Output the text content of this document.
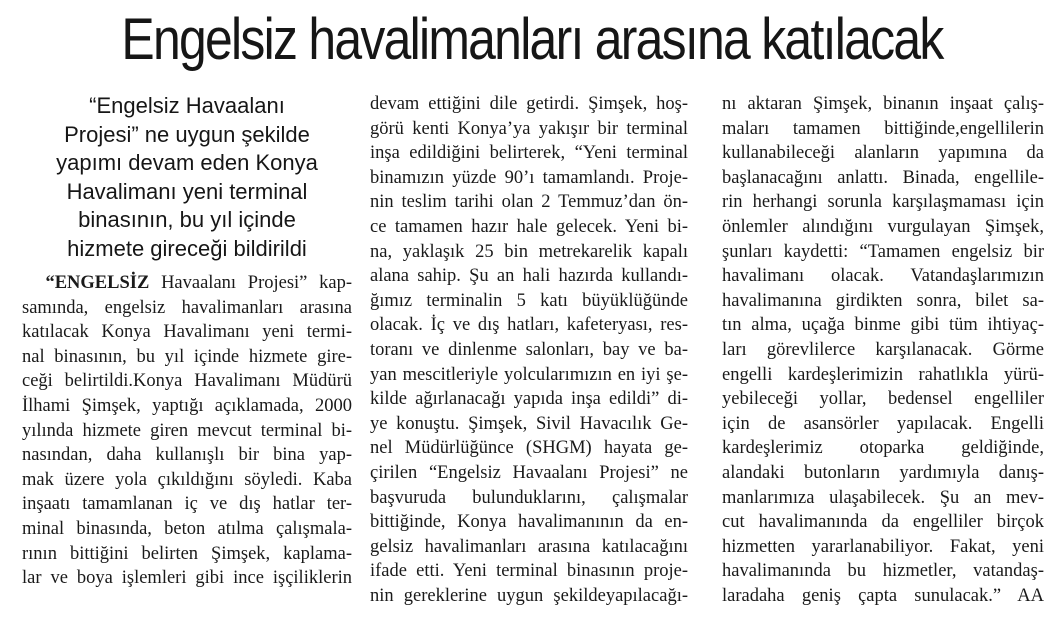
Engelsiz havalimanları arasına katılacak
“Engelsiz Havaalanı
Projesi” ne uygun şekilde
yapımı devam eden Konya
Havalimanı yeni terminal
binasının, bu yıl içinde
hizmete gireceği bildirildi

“ENGELSİZ Havaalanı Projesi” kap-
samında, engelsiz havalimanları arasına
katılacak Konya Havalimanı yeni termi-
nal binasının, bu yıl içinde hizmete gire-
ceği belirtildi.Konya Havalimanı Müdürü
İlhami Şimşek, yaptığı açıklamada, 2000
yılında hizmete giren mevcut terminal bi-
nasından, daha kullanışlı bir bina yap-
mak üzere yola çıkıldığını söyledi. Kaba
inşaatı tamamlanan iç ve dış hatlar ter-
minal binasında, beton atılma çalışmala-
rının bittiğini belirten Şimşek, kaplama-
lar ve boya işlemleri gibi ince işçiliklerin

devam ettiğini dile getirdi. Şimşek, hoş-
görü kenti Konya’ya yakışır bir terminal
inşa edildiğini belirterek, “Yeni terminal
binamızın yüzde 90’ı tamamlandı. Proje-
nin teslim tarihi olan 2 Temmuz’dan ön-
ce tamamen hazır hale gelecek. Yeni bi-
na, yaklaşık 25 bin metrekarelik kapalı
alana sahip. Şu an hali hazırda kullandı-
ğımız terminalin 5 katı büyüklüğünde
olacak. İç ve dış hatları, kafeteryası, res-
toranı ve dinlenme salonları, bay ve ba-
yan mescitleriyle yolcularımızın en iyi şe-
kilde ağırlanacağı yapıda inşa edildi” di-
ye konuştu. Şimşek, Sivil Havacılık Ge-
nel Müdürlüğünce (SHGM) hayata ge-
çirilen “Engelsiz Havaalanı Projesi” ne
başvuruda bulunduklarını, çalışmalar
bittiğinde, Konya havalimanının da en-
gelsiz havalimanları arasına katılacağını
ifade etti. Yeni terminal binasının proje-
nin gereklerine uygun şekildeyapılacağı-

nı aktaran Şimşek, binanın inşaat çalış-
maları tamamen bittiğinde,engellilerin
kullanabileceği alanların yapımına da
başlanacağını anlattı. Binada, engellile-
rin herhangi sorunla karşılaşmaması için
önlemler alındığını vurgulayan Şimşek,
şunları kaydetti: “Tamamen engelsiz bir
havalimanı olacak. Vatandaşlarımızın
havalimanına girdikten sonra, bilet sa-
tın alma, uçağa binme gibi tüm ihtiyaç-
ları görevlilerce karşılanacak. Görme
engelli kardeşlerimizin rahatlıkla yürü-
yebileceği yollar, bedensel engelliler
için de asansörler yapılacak. Engelli
kardeşlerimiz otoparka geldiğinde,
alandaki butonların yardımıyla danış-
manlarımıza ulaşabilecek. Şu an mev-
cut havalimanında da engelliler birçok
hizmetten yararlanabiliyor. Fakat, yeni
havalimanında bu hizmetler, vatandaş-
laradaha geniş çapta sunulacak.” AA
